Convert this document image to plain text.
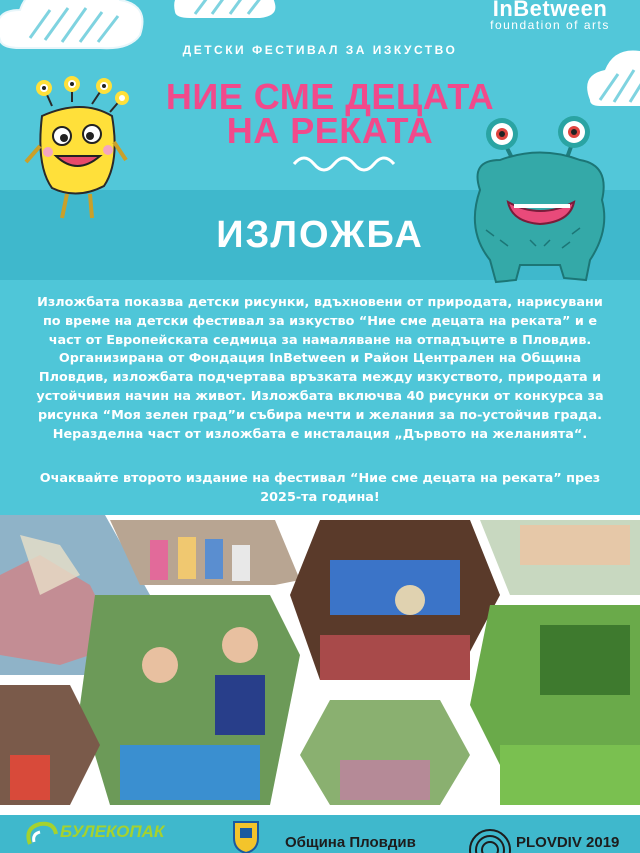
InBetween
foundation of arts
ДЕТСКИ ФЕСТИВАЛ ЗА ИЗКУСТВО
НИЕ СМЕ ДЕЦАТА
НА РЕКАТА
ИЗЛОЖБА
Изложбата показва детски рисунки, вдъхновени от природата, нарисувани
по време на детски фестивал за изкуство “Ние сме децата на реката” и е
част от Европейската седмица за намаляване на отпадъците в Пловдив.
Организирана от Фондация InBetween и Район Централен на Община
Пловдив, изложбата подчертава връзката между изкуството, природата и
устойчивия начин на живот. Изложбата включва 40 рисунки от конкурса за
рисунка “Моя зелен град”и събира мечти и желания за по-устойчив града.
Неразделна част от изложбата е инсталация „Дървото на желанията“.
Очаквайте второто издание на фестивал “Ние сме децата на реката” през
2025-та година!
БУЛЕКОПАК
Община Пловдив	PLOVDIV 2019
